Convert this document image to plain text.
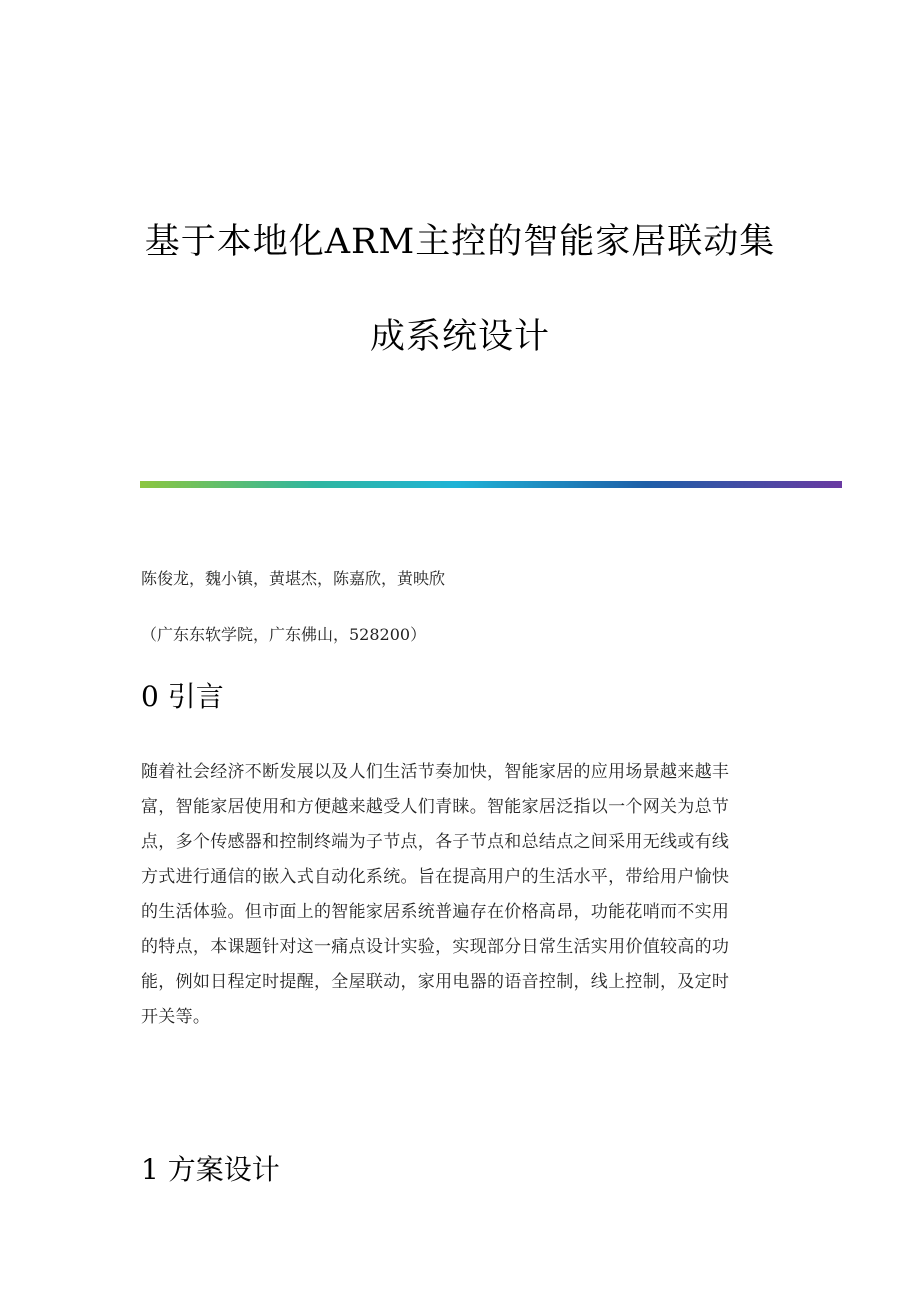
基于本地化ARM主控的智能家居联动集
成系统设计
陈俊龙，魏小镇，黄堪杰，陈嘉欣，黄映欣
（广东东软学院，广东佛山，528200）
0 引言
随着社会经济不断发展以及人们生活节奏加快，智能家居的应用场景越来越丰
富，智能家居使用和方便越来越受人们青睐。智能家居泛指以一个网关为总节
点，多个传感器和控制终端为子节点，各子节点和总结点之间采用无线或有线
方式进行通信的嵌入式自动化系统。旨在提高用户的生活水平，带给用户愉快
的生活体验。但市面上的智能家居系统普遍存在价格高昂，功能花哨而不实用
的特点，本课题针对这一痛点设计实验，实现部分日常生活实用价值较高的功
能，例如日程定时提醒，全屋联动，家用电器的语音控制，线上控制，及定时
开关等。
1 方案设计
